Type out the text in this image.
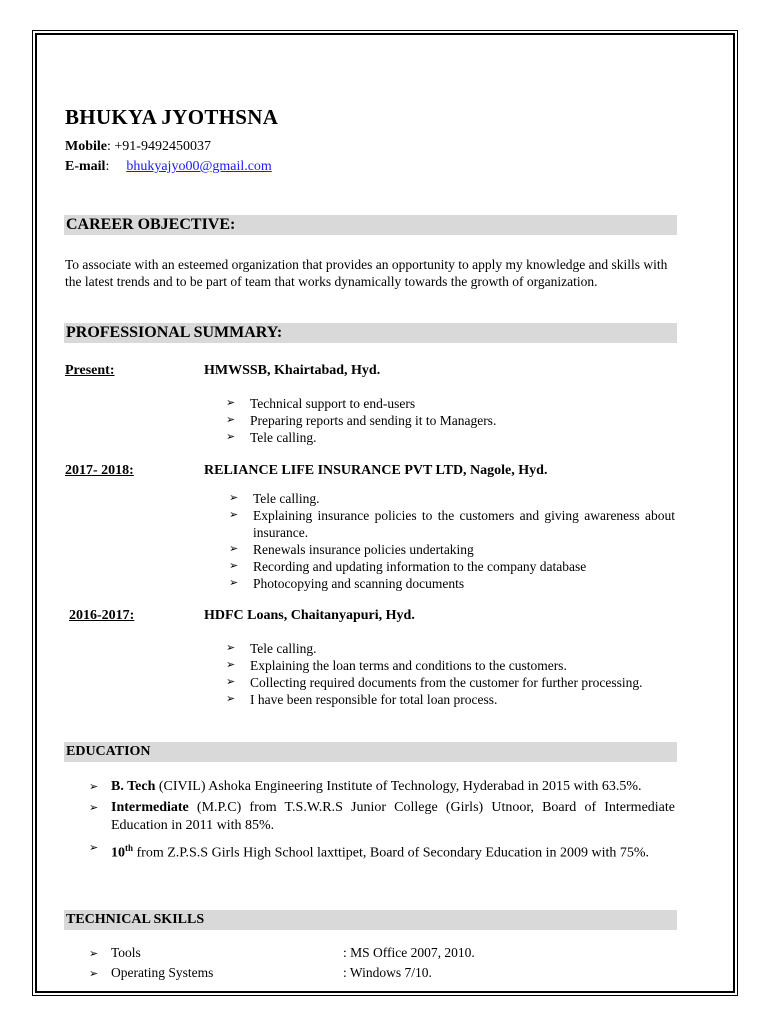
BHUKYA JYOTHSNA
Mobile: +91-9492450037
E-mail:  bhukyajyo00@gmail.com
CAREER OBJECTIVE:
To associate with an esteemed organization that provides an opportunity to apply my knowledge and skills with the latest trends and to be part of team that works dynamically towards the growth of organization.
PROFESSIONAL SUMMARY:
Present:	HMWSSB, Khairtabad, Hyd.
➢ Technical support to end-users
➢ Preparing reports and sending it to Managers.
➢ Tele calling.
2017- 2018:	RELIANCE LIFE INSURANCE PVT LTD, Nagole, Hyd.
➢ Tele calling.
➢ Explaining insurance policies to the customers and giving awareness about insurance.
➢ Renewals insurance policies undertaking
➢ Recording and updating information to the company database
➢ Photocopying and scanning documents
2016-2017:	HDFC Loans, Chaitanyapuri, Hyd.
➢ Tele calling.
➢ Explaining the loan terms and conditions to the customers.
➢ Collecting required documents from the customer for further processing.
➢ I have been responsible for total loan process.
EDUCATION
➢ B. Tech (CIVIL) Ashoka Engineering Institute of Technology, Hyderabad in 2015 with 63.5%.
➢ Intermediate (M.P.C) from T.S.W.R.S Junior College (Girls) Utnoor, Board of Intermediate Education in 2011 with 85%.
➢ 10th from Z.P.S.S Girls High School laxttipet, Board of Secondary Education in 2009 with 75%.
TECHNICAL SKILLS
➢ Tools	: MS Office 2007, 2010.
➢ Operating Systems	: Windows 7/10.
